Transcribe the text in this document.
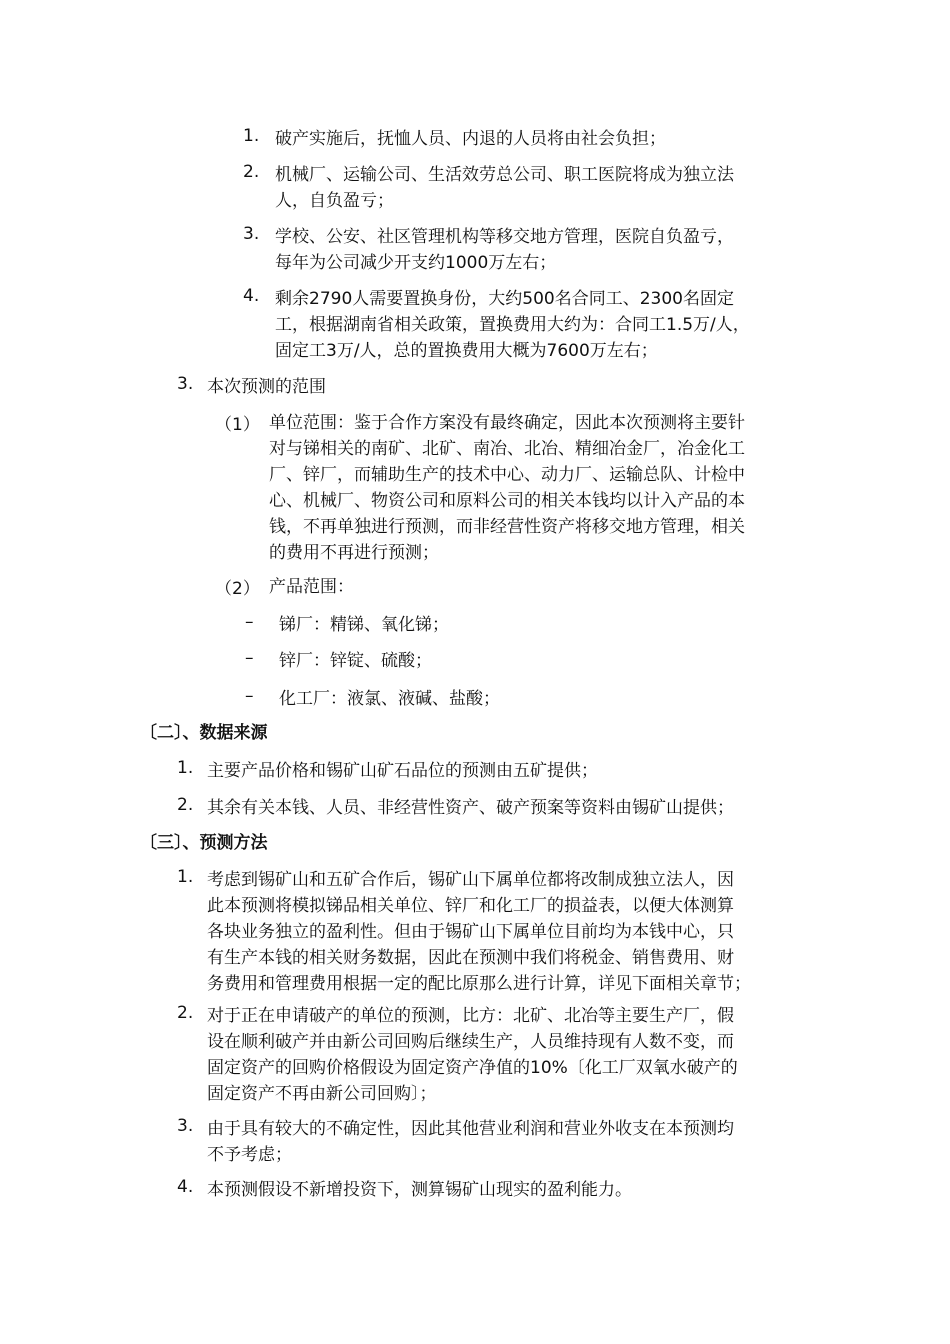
1. 破产实施后，抚恤人员、内退的人员将由社会负担；
2. 机械厂、运输公司、生活效劳总公司、职工医院将成为独立法
人，自负盈亏；
3. 学校、公安、社区管理机构等移交地方管理，医院自负盈亏，
每年为公司减少开支约1000万左右；
4. 剩余2790人需要置换身份，大约500名合同工、2300名固定
工，根据湖南省相关政策，置换费用大约为：合同工1.5万/人，
固定工3万/人，总的置换费用大概为7600万左右；
3. 本次预测的范围
（1） 单位范围：鉴于合作方案没有最终确定，因此本次预测将主要针
对与锑相关的南矿、北矿、南冶、北冶、精细冶金厂，冶金化工
厂、锌厂，而辅助生产的技术中心、动力厂、运输总队、计检中
心、机械厂、物资公司和原料公司的相关本钱均以计入产品的本
钱，不再单独进行预测，而非经营性资产将移交地方管理，相关
的费用不再进行预测；
（2） 产品范围：
– 锑厂：精锑、氧化锑；
– 锌厂：锌锭、硫酸；
– 化工厂：液氯、液碱、盐酸；
〔二〕、数据来源
1. 主要产品价格和锡矿山矿石品位的预测由五矿提供；
2. 其余有关本钱、人员、非经营性资产、破产预案等资料由锡矿山提供；
〔三〕、预测方法
1. 考虑到锡矿山和五矿合作后，锡矿山下属单位都将改制成独立法人，因
此本预测将模拟锑品相关单位、锌厂和化工厂的损益表，以便大体测算
各块业务独立的盈利性。但由于锡矿山下属单位目前均为本钱中心，只
有生产本钱的相关财务数据，因此在预测中我们将税金、销售费用、财
务费用和管理费用根据一定的配比原那么进行计算，详见下面相关章节；
2. 对于正在申请破产的单位的预测，比方：北矿、北冶等主要生产厂，假
设在顺利破产并由新公司回购后继续生产，人员维持现有人数不变，而
固定资产的回购价格假设为固定资产净值的10%〔化工厂双氧水破产的
固定资产不再由新公司回购〕；
3. 由于具有较大的不确定性，因此其他营业利润和营业外收支在本预测均
不予考虑；
4. 本预测假设不新增投资下，测算锡矿山现实的盈利能力。
